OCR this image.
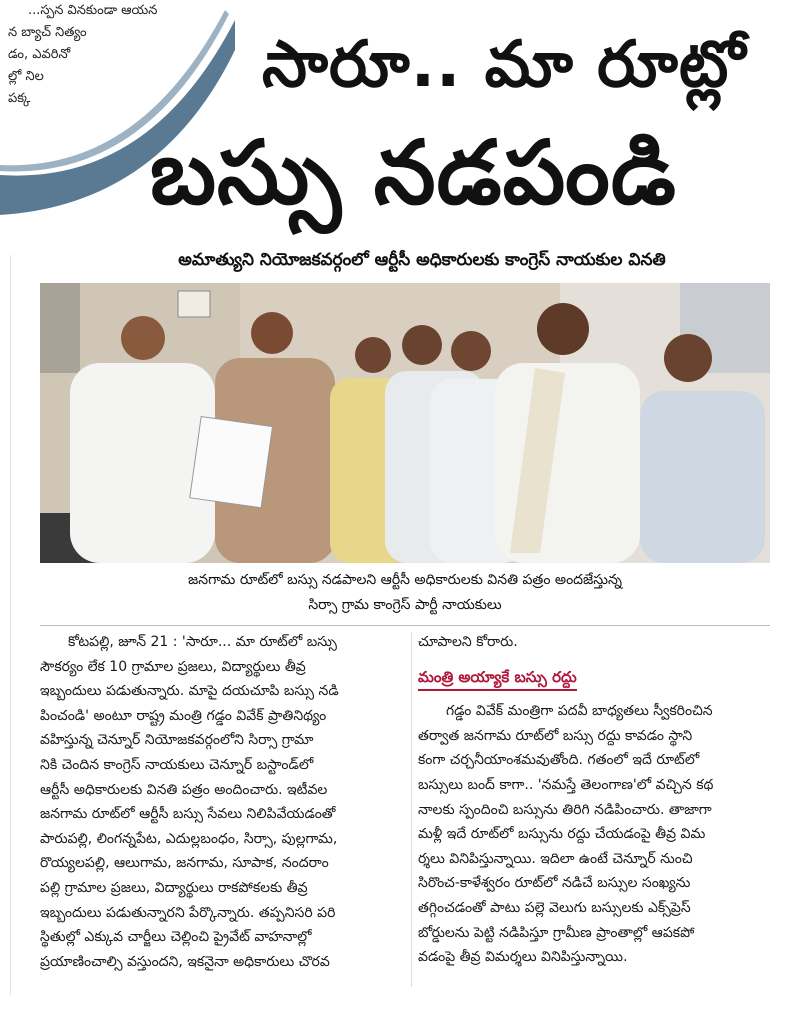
...స్పన వినకుండా ఆయన
న బ్యాచ్ నిత్యం
డం, ఎవరినో
ల్లో నిల
పక్క	సారూ.. మా రూట్లో
బస్సు నడపండి
అమాత్యుని నియోజకవర్గంలో ఆర్టీసీ అధికారులకు కాంగ్రెస్ నాయకుల వినతి
జనగామ రూట్‌లో బస్సు నడపాలని ఆర్టీసీ అధికారులకు వినతి పత్రం అందజేస్తున్న
సిర్సా గ్రామ కాంగ్రెస్ పార్టీ నాయకులు
కోటపల్లి, జూన్ 21 : 'సారూ... మా రూట్‌లో బస్సు
సౌకర్యం లేక 10 గ్రామాల ప్రజలు, విద్యార్థులు తీవ్ర
ఇబ్బందులు పడుతున్నారు. మాపై దయచూపి బస్సు నడి
పించండి' అంటూ రాష్ట్ర మంత్రి గడ్డం వివేక్ ప్రాతినిథ్యం
వహిస్తున్న చెన్నూర్ నియోజకవర్గంలోని సిర్సా గ్రామా
నికి చెందిన కాంగ్రెస్ నాయకులు చెన్నూర్ బస్టాండ్‌లో
ఆర్టీసీ అధికారులకు వినతి పత్రం అందించారు. ఇటీవల
జనగామ రూట్‌లో ఆర్టీసీ బస్సు సేవలు నిలిపివేయడంతో
పారుపల్లి, లింగన్నపేట, ఎదుల్లబంధం, సిర్సా, పుల్లగామ,
రొయ్యలపల్లి, ఆలుగామ, జనగామ, సూపాక, నందరాం
పల్లి గ్రామాల ప్రజలు, విద్యార్థులు రాకపోకలకు తీవ్ర
ఇబ్బందులు పడుతున్నారని పేర్కొన్నారు. తప్పనిసరి పరి
స్థితుల్లో ఎక్కువ చార్జీలు చెల్లించి ప్రైవేట్ వాహనాల్లో
ప్రయాణించాల్సి వస్తుందని, ఇకనైనా అధికారులు చొరవ
చూపాలని కోరారు.
మంత్రి అయ్యాకే బస్సు రద్దు
గడ్డం వివేక్ మంత్రిగా పదవీ బాధ్యతలు స్వీకరించిన
తర్వాత జనగామ రూట్‌లో బస్సు రద్దు కావడం స్థాని
కంగా చర్చనీయాంశమవుతోంది. గతంలో ఇదే రూట్‌లో
బస్సులు బంద్ కాగా.. 'నమస్తే తెలంగాణ'లో వచ్చిన కథ
నాలకు స్పందించి బస్సును తిరిగి నడిపించారు. తాజాగా
మళ్లీ ఇదే రూట్‌లో బస్సును రద్దు చేయడంపై తీవ్ర విమ
ర్శలు వినిపిస్తున్నాయి. ఇదిలా ఉంటే చెన్నూర్ నుంచి
సిరొంచ-కాళేశ్వరం రూట్‌లో నడిచే బస్సుల సంఖ్యను
తగ్గించడంతో పాటు పల్లె వెలుగు బస్సులకు ఎక్స్‌ప్రెస్
బోర్డులను పెట్టి నడిపిస్తూ గ్రామీణ ప్రాంతాల్లో ఆపకపో
వడంపై తీవ్ర విమర్శలు వినిపిస్తున్నాయి.
